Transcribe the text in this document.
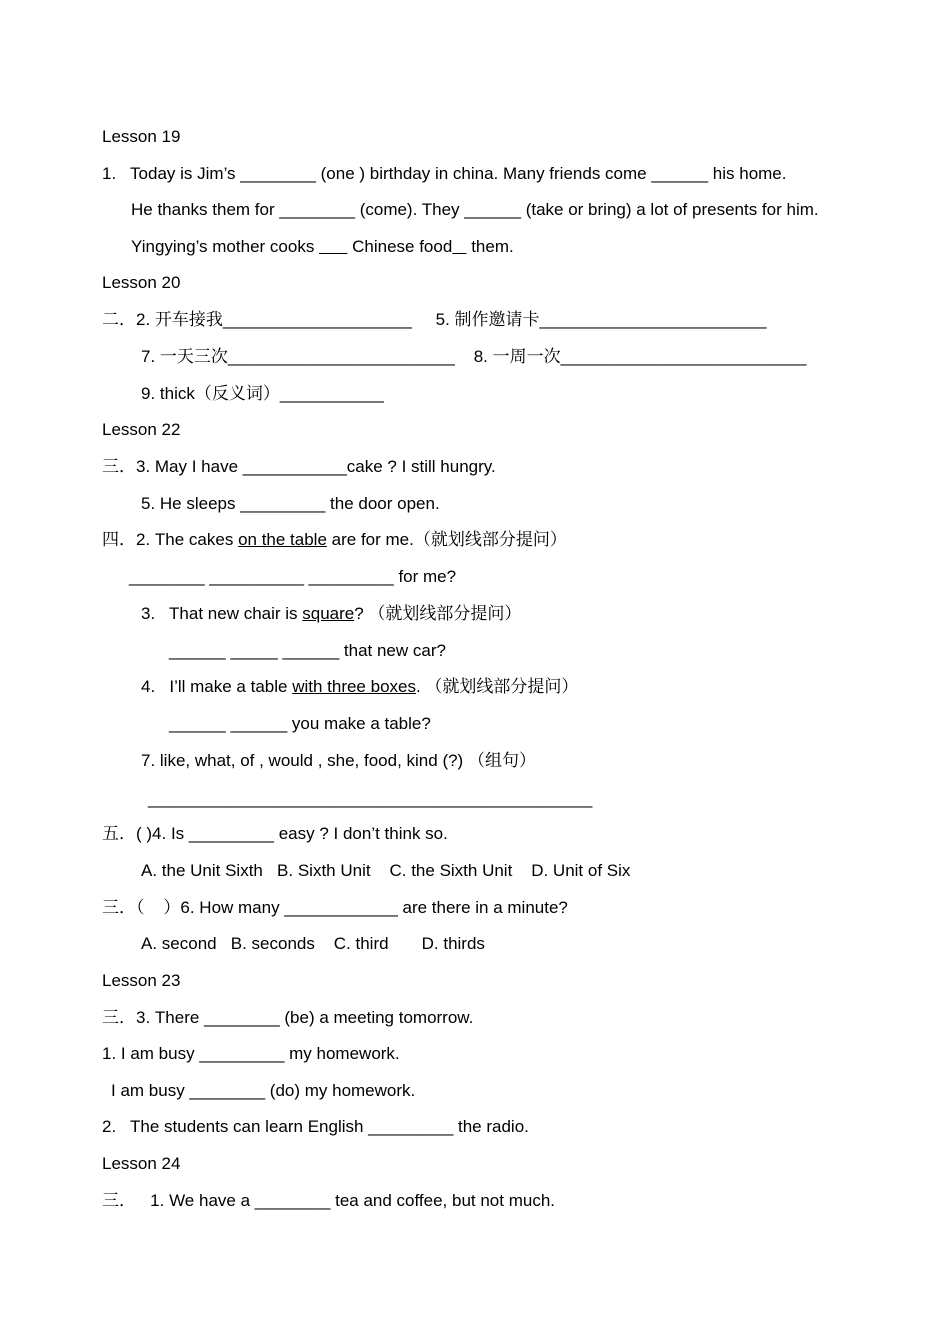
Lesson 19
1.   Today is Jim’s ________ (one ) birthday in china. Many friends come ______ his home.
He thanks them for ________ (come). They ______ (take or bring) a lot of presents for him.
Yingying’s mother cooks        Chinese food    them.
Lesson 20
二．2. 开车接我____________________     5. 制作邀请卡________________________
7. 一天三次________________________    8. 一周一次__________________________
9. thick（反义词）___________
Lesson 22
三．3. May I have ___________cake ? I still hungry.
5. He sleeps _________ the door open.
四．2. The cakes on the table are for me.（就划线部分提问）
________ __________ _________ for me?
3.   That new chair is square? （就划线部分提问）
______ _____ ______ that new car?
4.   I’ll make a table with three boxes. （就划线部分提问）
______ ______ you make a table?
7. like, what, of , would , she, food, kind (?) （组句）
_______________________________________________
五．( )4. Is _________ easy ? I don’t think so.
A. the Unit Sixth   B. Sixth Unit    C. the Sixth Unit    D. Unit of Six
三．（    ）6. How many ____________ are there in a minute?
A. second   B. seconds    C. third       D. thirds
Lesson 23
三．3. There ________ (be) a meeting tomorrow.
1. I am busy _________ my homework.
I am busy ________ (do) my homework.
2.   The students can learn English _________ the radio.
Lesson 24
三．   1. We have a ________ tea and coffee, but not much.
